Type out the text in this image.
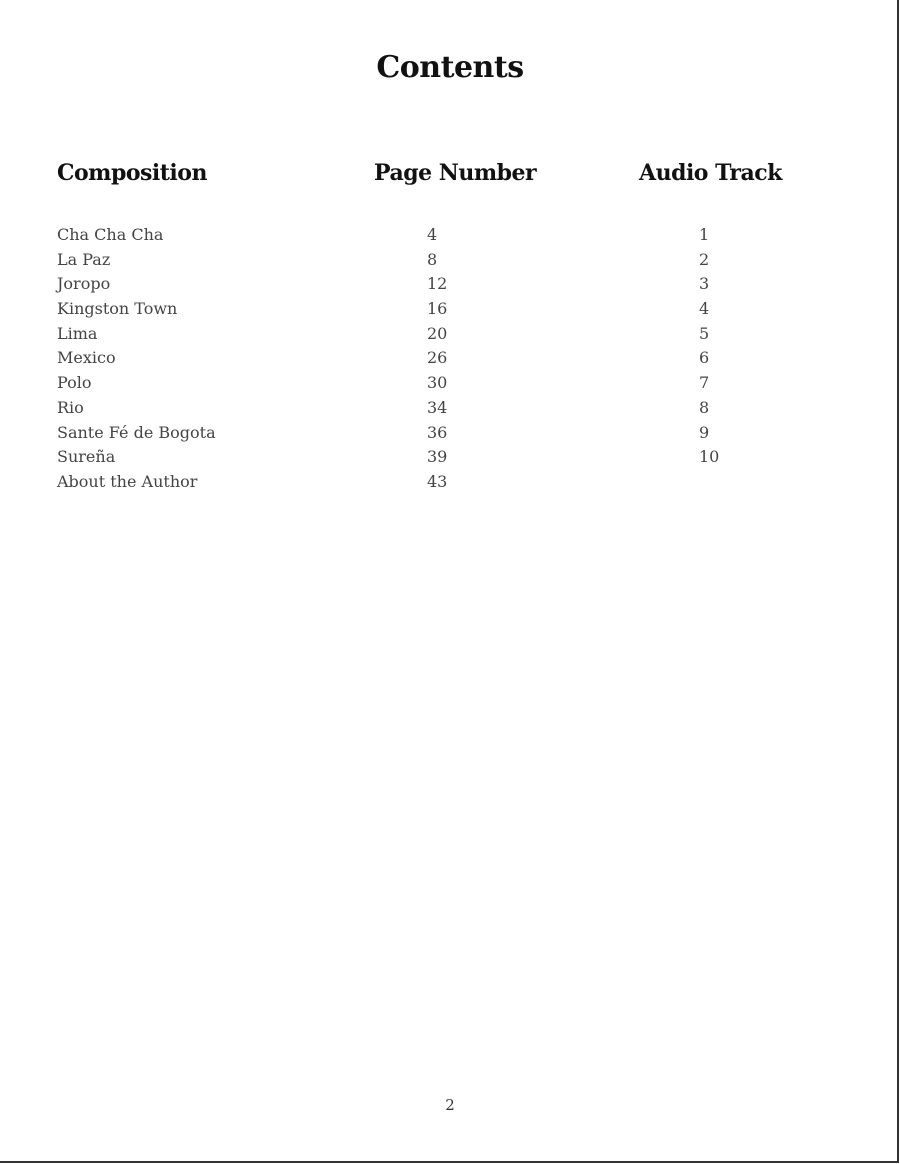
Contents
Composition	Page Number	Audio Track
Cha Cha Cha	4	1
La Paz	8	2
Joropo	12	3
Kingston Town	16	4
Lima	20	5
Mexico	26	6
Polo	30	7
Rio	34	8
Sante Fé de Bogota	36	9
Sureña	39	10
About the Author	43
2
